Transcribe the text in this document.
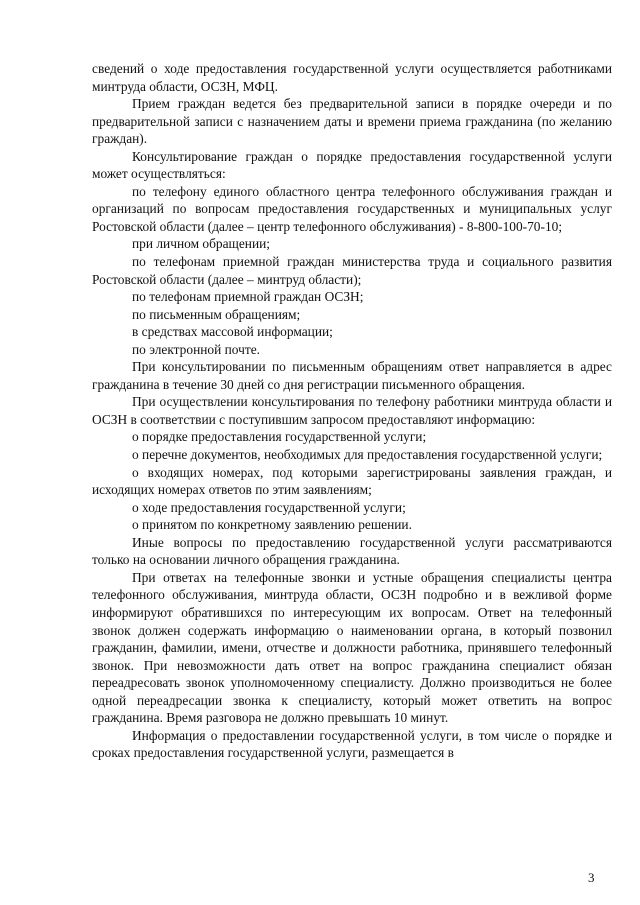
сведений о ходе предоставления государственной услуги осуществляется работниками минтруда области, ОСЗН, МФЦ.

Прием граждан ведется без предварительной записи в порядке очереди и по предварительной записи с назначением даты и времени приема гражданина (по желанию граждан).

Консультирование граждан о порядке предоставления государственной услуги может осуществляться:

по телефону единого областного центра телефонного обслуживания граждан и организаций по вопросам предоставления государственных и муниципальных услуг Ростовской области (далее – центр телефонного обслуживания) - 8-800-100-70-10;

при личном обращении;

по телефонам приемной граждан министерства труда и социального развития Ростовской области (далее – минтруд области);

по телефонам приемной граждан ОСЗН;

по письменным обращениям;

в средствах массовой информации;

по электронной почте.

При консультировании по письменным обращениям ответ направляется в адрес гражданина в течение 30 дней со дня регистрации письменного обращения.

При осуществлении консультирования по телефону работники минтруда области и ОСЗН в соответствии с поступившим запросом предоставляют информацию:

о порядке предоставления государственной услуги;

о перечне документов, необходимых для предоставления государственной услуги;

о входящих номерах, под которыми зарегистрированы заявления граждан, и исходящих номерах ответов по этим заявлениям;

о ходе предоставления государственной услуги;

о принятом по конкретному заявлению решении.

Иные вопросы по предоставлению государственной услуги рассматриваются только на основании личного обращения гражданина.

При ответах на телефонные звонки и устные обращения специалисты центра телефонного обслуживания, минтруда области, ОСЗН подробно и в вежливой форме информируют обратившихся по интересующим их вопросам. Ответ на телефонный звонок должен содержать информацию о наименовании органа, в который позвонил гражданин, фамилии, имени, отчестве и должности работника, принявшего телефонный звонок. При невозможности дать ответ на вопрос гражданина специалист обязан переадресовать звонок уполномоченному специалисту. Должно производиться не более одной переадресации звонка к специалисту, который может ответить на вопрос гражданина. Время разговора не должно превышать 10 минут.

Информация о предоставлении государственной услуги, в том числе о порядке и сроках предоставления государственной услуги, размещается в

3
